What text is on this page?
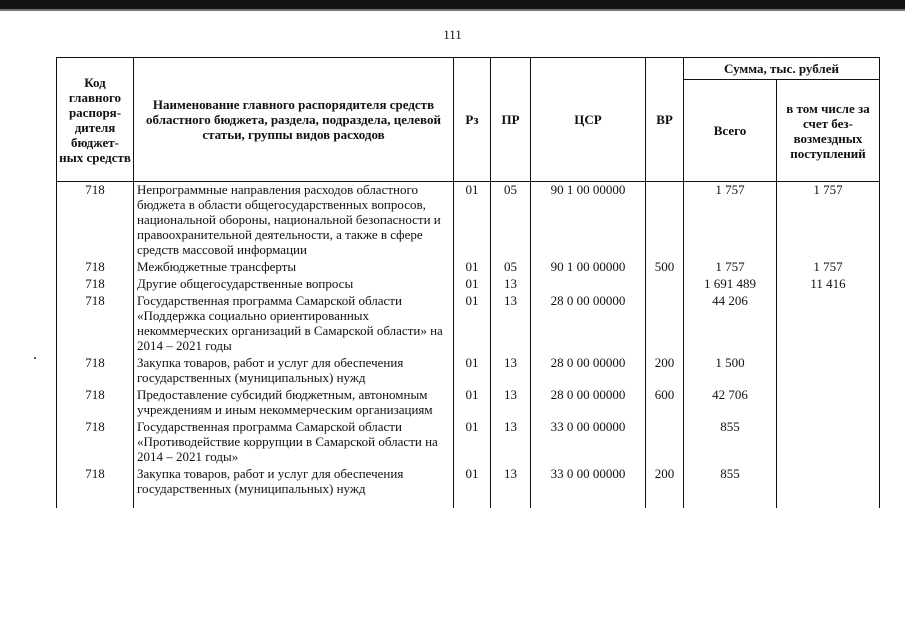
111
Код главного распоря-дителя бюджет-ных средств	Наименование главного распорядителя средств областного бюджета, раздела, подраздела, целевой статьи, группы видов расходов	Рз	ПР	ЦСР	ВР	Сумма, тыс. рублей	
						Всего	в том числе за счет без-возмездных поступлений
718	Непрограммные направления расходов областного бюджета в области общегосударственных вопросов, национальной обороны, национальной безопасности и правоохранительной деятельности, а также в сфере средств массовой информации	01	05	90 1 00 00000		1 757	1 757
718	Межбюджетные трансферты	01	05	90 1 00 00000	500	1 757	1 757
718	Другие общегосударственные вопросы	01	13			1 691 489	11 416
718	Государственная программа Самарской области «Поддержка социально ориентированных некоммерческих организаций в Самарской области» на 2014 – 2021 годы	01	13	28 0 00 00000		44 206	
718	Закупка товаров, работ и услуг для обеспечения государственных (муниципальных) нужд	01	13	28 0 00 00000	200	1 500	
718	Предоставление субсидий бюджетным, автономным учреждениям и иным некоммерческим организациям	01	13	28 0 00 00000	600	42 706	
718	Государственная программа Самарской области «Противодействие коррупции в Самарской области на 2014 – 2021 годы»	01	13	33 0 00 00000		855	
718	Закупка товаров, работ и услуг для обеспечения государственных (муниципальных) нужд	01	13	33 0 00 00000	200	855	
